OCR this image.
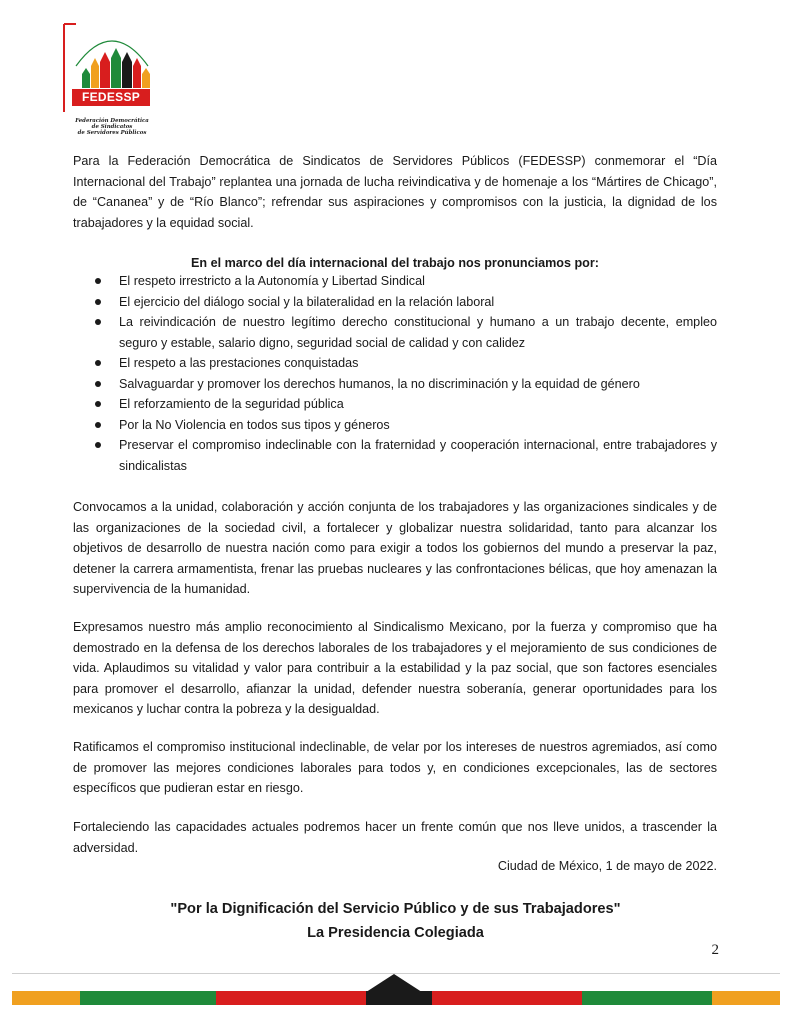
FEDESSP
Federación Democrática
de Sindicatos
de Servidores Públicos

Para la Federación Democrática de Sindicatos de Servidores Públicos (FEDESSP) conmemorar el “Día Internacional del Trabajo” replantea una jornada de lucha reivindicativa y de homenaje a los “Mártires de Chicago”, de “Cananea” y de “Río Blanco”; refrendar sus aspiraciones y compromisos con la justicia, la dignidad de los trabajadores y la equidad social.

En el marco del día internacional del trabajo nos pronunciamos por:
El respeto irrestricto a la Autonomía y Libertad Sindical
El ejercicio del diálogo social y la bilateralidad en la relación laboral
La reivindicación de nuestro legítimo derecho constitucional y humano a un trabajo decente, empleo seguro y estable, salario digno, seguridad social de calidad y con calidez
El respeto a las prestaciones conquistadas
Salvaguardar y promover los derechos humanos, la no discriminación y la equidad de género
El reforzamiento de la seguridad pública
Por la No Violencia en todos sus tipos y géneros
Preservar el compromiso indeclinable con la fraternidad y cooperación internacional, entre trabajadores y sindicalistas

Convocamos a la unidad, colaboración y acción conjunta de los trabajadores y las organizaciones sindicales y de las organizaciones de la sociedad civil, a fortalecer y globalizar nuestra solidaridad, tanto para alcanzar los objetivos de desarrollo de nuestra nación como para exigir a todos los gobiernos del mundo a preservar la paz, detener la carrera armamentista, frenar las pruebas nucleares y las confrontaciones bélicas, que hoy amenazan la supervivencia de la humanidad.

Expresamos nuestro más amplio reconocimiento al Sindicalismo Mexicano, por la fuerza y compromiso que ha demostrado en la defensa de los derechos laborales de los trabajadores y el mejoramiento de sus condiciones de vida. Aplaudimos su vitalidad y valor para contribuir a la estabilidad y la paz social, que son factores esenciales para promover el desarrollo, afianzar la unidad, defender nuestra soberanía, generar oportunidades para los mexicanos y luchar contra la pobreza y la desigualdad.

Ratificamos el compromiso institucional indeclinable, de velar por los intereses de nuestros agremiados, así como de promover las mejores condiciones laborales para todos y, en condiciones excepcionales, las de sectores específicos que pudieran estar en riesgo.

Fortaleciendo las capacidades actuales podremos hacer un frente común que nos lleve unidos, a trascender la adversidad.

Ciudad de México, 1 de mayo de 2022.
"Por la Dignificación del Servicio Público y de sus Trabajadores"
La Presidencia Colegiada
2
